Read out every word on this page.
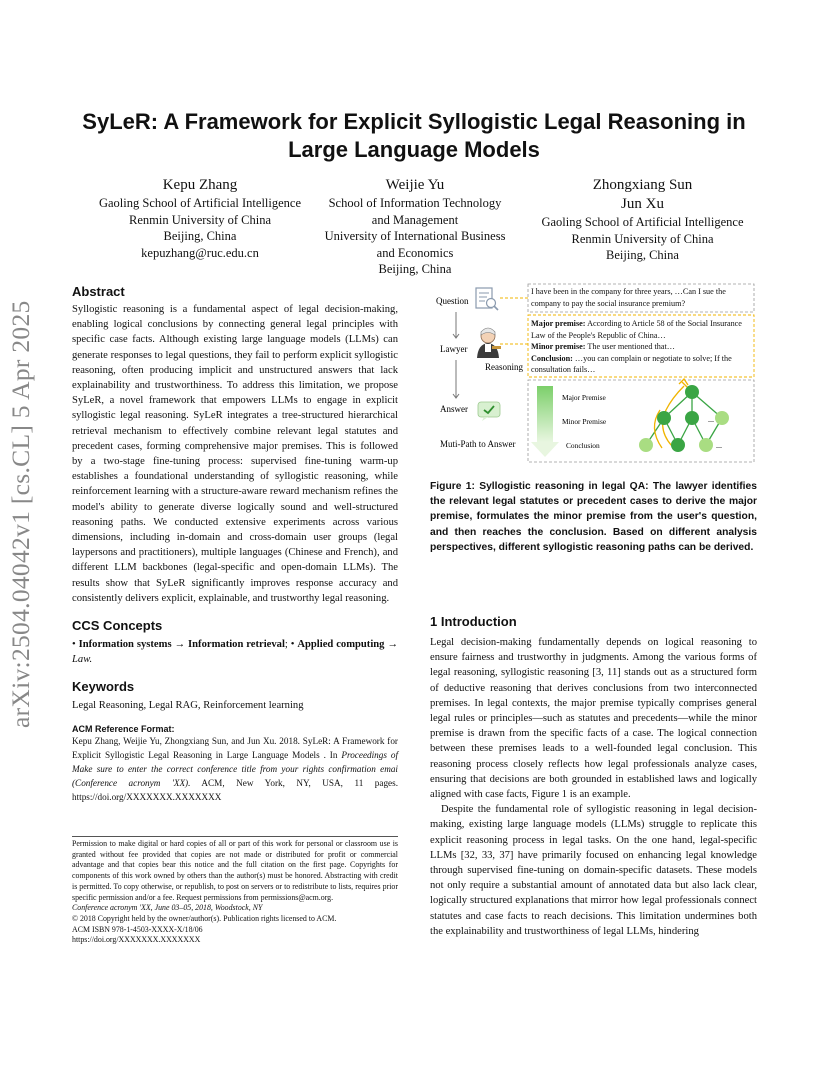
arXiv:2504.04042v1 [cs.CL] 5 Apr 2025
SyLeR: A Framework for Explicit Syllogistic Legal Reasoning in Large Language Models
Kepu Zhang
Gaoling School of Artificial Intelligence
Renmin University of China
Beijing, China
kepuzhang@ruc.edu.cn
Weijie Yu
School of Information Technology
and Management
University of International Business
and Economics
Beijing, China
Zhongxiang Sun
Jun Xu
Gaoling School of Artificial Intelligence
Renmin University of China
Beijing, China
Abstract
Syllogistic reasoning is a fundamental aspect of legal decision-making, enabling logical conclusions by connecting general legal principles with specific case facts. Although existing large language models (LLMs) can generate responses to legal questions, they fail to perform explicit syllogistic reasoning, often producing implicit and unstructured answers that lack explainability and trustworthiness. To address this limitation, we propose SyLeR, a novel framework that empowers LLMs to engage in explicit syllogistic legal reasoning. SyLeR integrates a tree-structured hierarchical retrieval mechanism to effectively combine relevant legal statutes and precedent cases, forming comprehensive major premises. This is followed by a two-stage fine-tuning process: supervised fine-tuning warm-up establishes a foundational understanding of syllogistic reasoning, while reinforcement learning with a structure-aware reward mechanism refines the model's ability to generate diverse logically sound and well-structured reasoning paths. We conducted extensive experiments across various dimensions, including in-domain and cross-domain user groups (legal laypersons and practitioners), multiple languages (Chinese and French), and different LLM backbones (legal-specific and open-domain LLMs). The results show that SyLeR significantly improves response accuracy and consistently delivers explicit, explainable, and trustworthy legal reasoning.
CCS Concepts
• Information systems → Information retrieval; • Applied computing → Law.
Keywords
Legal Reasoning, Legal RAG, Reinforcement learning
ACM Reference Format:
Kepu Zhang, Weijie Yu, Zhongxiang Sun, and Jun Xu. 2018. SyLeR: A Framework for Explicit Syllogistic Legal Reasoning in Large Language Models . In Proceedings of Make sure to enter the correct conference title from your rights confirmation emai (Conference acronym 'XX). ACM, New York, NY, USA, 11 pages. https://doi.org/XXXXXXX.XXXXXXX
Permission to make digital or hard copies of all or part of this work for personal or classroom use is granted without fee provided that copies are not made or distributed for profit or commercial advantage and that copies bear this notice and the full citation on the first page. Copyrights for components of this work owned by others than the author(s) must be honored. Abstracting with credit is permitted. To copy otherwise, or republish, to post on servers or to redistribute to lists, requires prior specific permission and/or a fee. Request permissions from permissions@acm.org.
Conference acronym 'XX, June 03–05, 2018, Woodstock, NY
© 2018 Copyright held by the owner/author(s). Publication rights licensed to ACM.
ACM ISBN 978-1-4503-XXXX-X/18/06
https://doi.org/XXXXXXX.XXXXXXX
Question
Lawyer
Reasoning
Answer
Muti-Path to Answer
Major Premise
Minor Premise
Conclusion
...
...
I have been in the company for three years, …Can I sue the company to pay the social insurance premium?
Major premise: According to Article 58 of the Social Insurance Law of the People's Republic of China…
Minor premise: The user mentioned that…
Conclusion: …you can complain or negotiate to solve; If the consultation fails…
Figure 1: Syllogistic reasoning in legal QA: The lawyer identifies the relevant legal statutes or precedent cases to derive the major premise, formulates the minor premise from the user's question, and then reaches the conclusion. Based on different analysis perspectives, different syllogistic reasoning paths can be derived.
1 Introduction
Legal decision-making fundamentally depends on logical reasoning to ensure fairness and trustworthy in judgments. Among the various forms of legal reasoning, syllogistic reasoning [3, 11] stands out as a structured form of deductive reasoning that derives conclusions from two interconnected premises. In legal contexts, the major premise typically comprises general legal rules or principles—such as statutes and precedents—while the minor premise is drawn from the specific facts of a case. The logical connection between these premises leads to a well-founded legal conclusion. This reasoning process closely reflects how legal professionals analyze cases, ensuring that decisions are both grounded in established laws and logically aligned with case facts, Figure 1 is an example.
Despite the fundamental role of syllogistic reasoning in legal decision-making, existing large language models (LLMs) struggle to replicate this explicit reasoning process in legal tasks. On the one hand, legal-specific LLMs [32, 33, 37] have primarily focused on enhancing legal knowledge through supervised fine-tuning on domain-specific datasets. These models not only require a substantial amount of annotated data but also lack clear, logically structured explanations that mirror how legal professionals connect statutes and case facts to reach decisions. This limitation undermines both the explainability and trustworthiness of legal LLMs, hindering
